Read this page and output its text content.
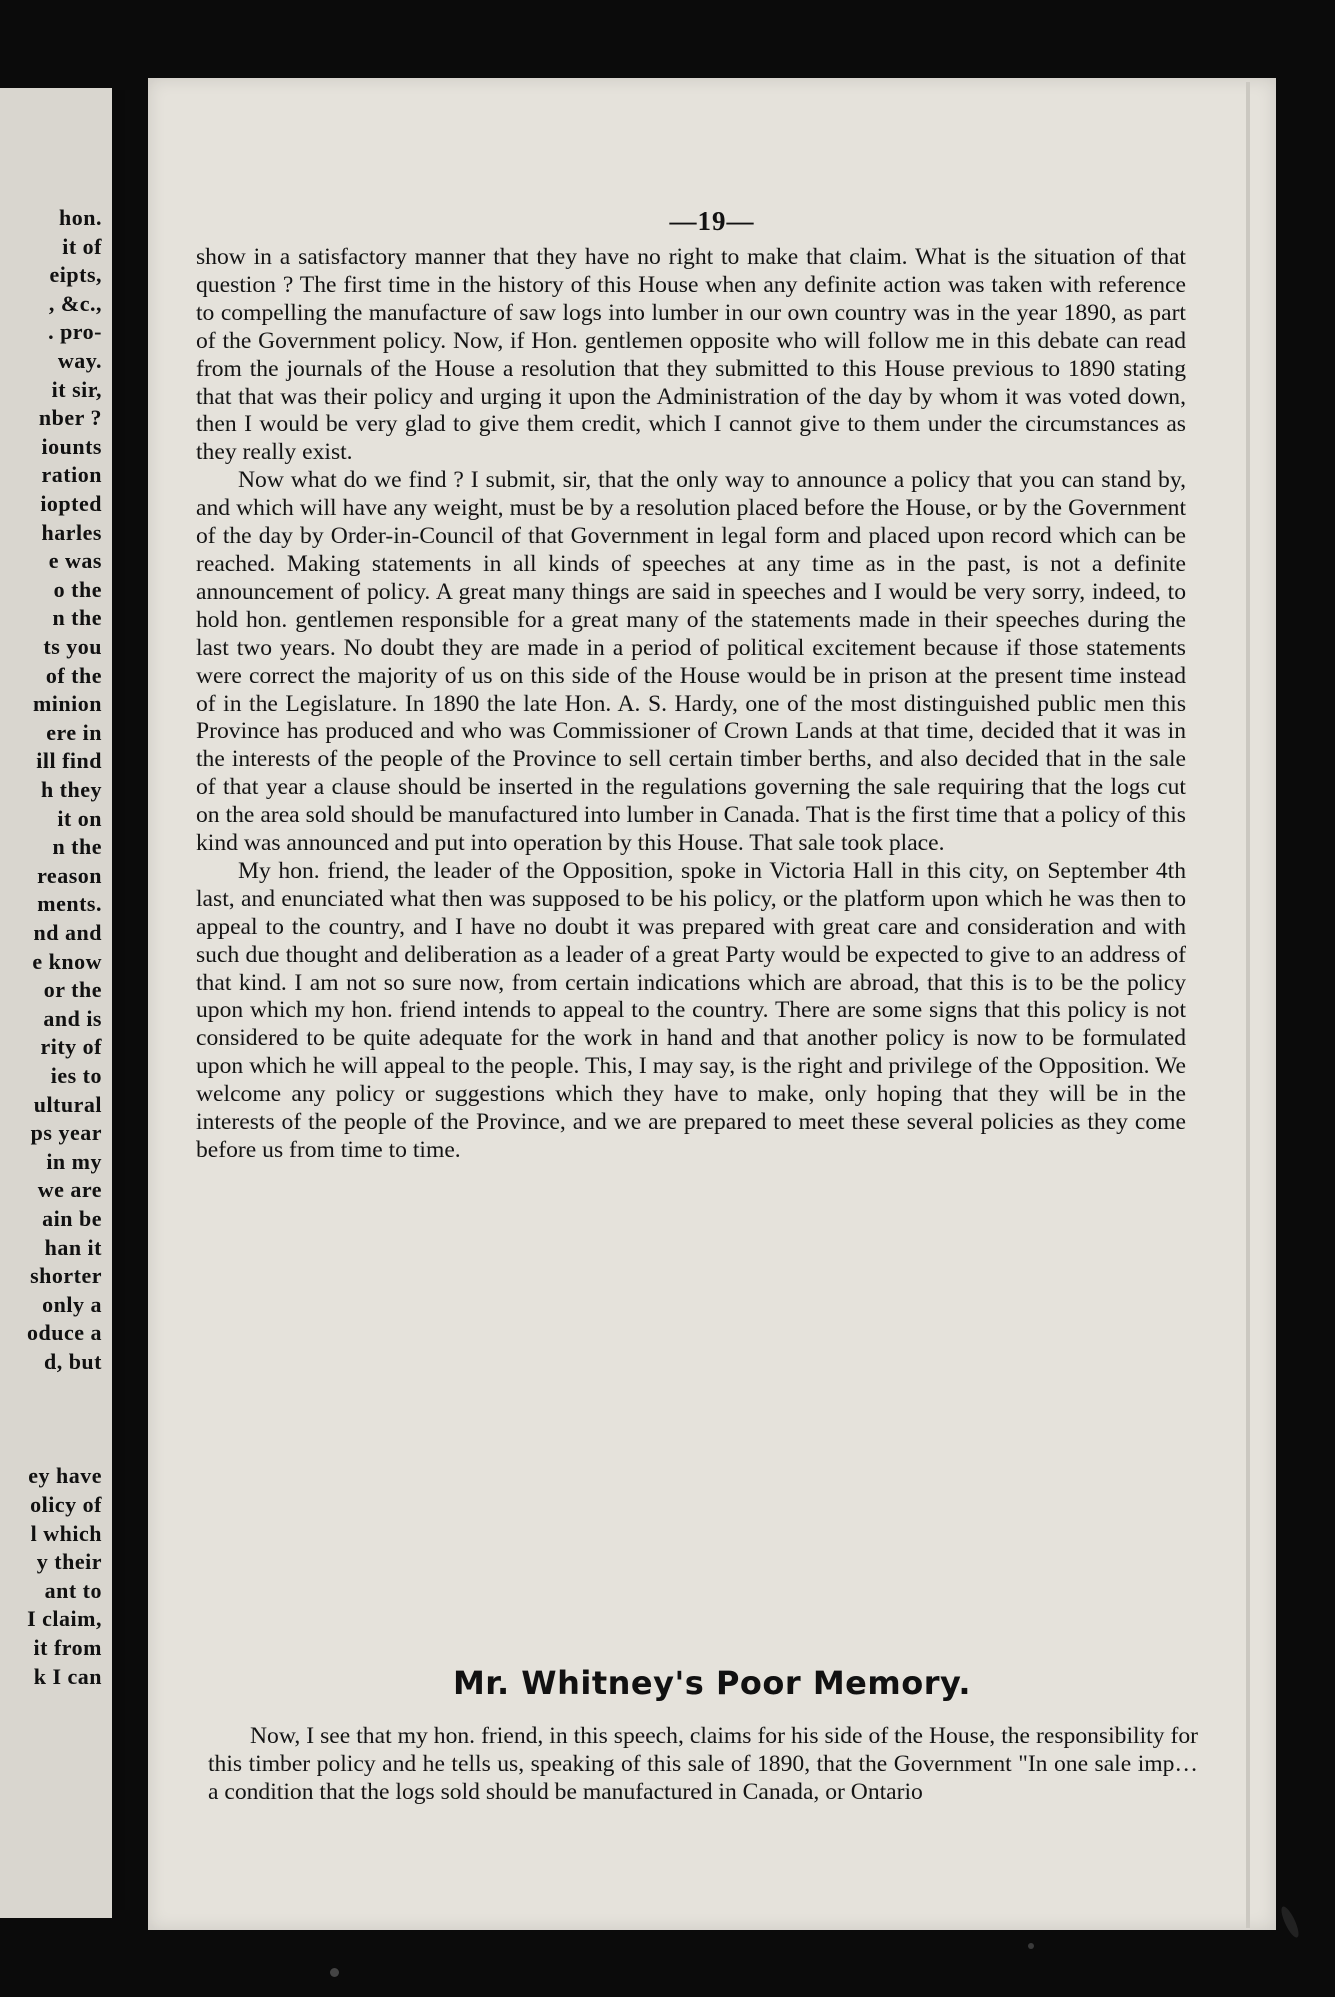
hon.
it of
eipts,
, &c.,
. pro-
way.
it sir,
nber ?
iounts
ration
iopted
harles
e was
o the
n the
ts you
of the
minion
ere in
ill find
h they
it on
n the
reason
ments.
nd and
e know
or the
and is
rity of
ies to
ultural
ps year
in my
we are
ain be
han it
shorter
only a
oduce a
d, but
ey have
olicy of
l which
y their
ant to
I claim,
it from
k I can
—19—

show in a satisfactory manner that they have no right to make that claim. What is the situation of that question ? The first time in the history of this House when any definite action was taken with reference to compelling the manufacture of saw logs into lumber in our own country was in the year 1890, as part of the Government policy. Now, if Hon. gentlemen opposite who will follow me in this debate can read from the journals of the House a resolution that they submitted to this House previous to 1890 stating that that was their policy and urging it upon the Administration of the day by whom it was voted down, then I would be very glad to give them credit, which I cannot give to them under the circumstances as they really exist.

Now what do we find ? I submit, sir, that the only way to announce a policy that you can stand by, and which will have any weight, must be by a resolution placed before the House, or by the Government of the day by Order-in-Council of that Government in legal form and placed upon record which can be reached. Making statements in all kinds of speeches at any time as in the past, is not a definite announcement of policy. A great many things are said in speeches and I would be very sorry, indeed, to hold hon. gentlemen responsible for a great many of the statements made in their speeches during the last two years. No doubt they are made in a period of political excitement because if those statements were correct the majority of us on this side of the House would be in prison at the present time instead of in the Legislature. In 1890 the late Hon. A. S. Hardy, one of the most distinguished public men this Province has produced and who was Commissioner of Crown Lands at that time, decided that it was in the interests of the people of the Province to sell certain timber berths, and also decided that in the sale of that year a clause should be inserted in the regulations governing the sale requiring that the logs cut on the area sold should be manufactured into lumber in Canada. That is the first time that a policy of this kind was announced and put into operation by this House. That sale took place.

My hon. friend, the leader of the Opposition, spoke in Victoria Hall in this city, on September 4th last, and enunciated what then was supposed to be his policy, or the platform upon which he was then to appeal to the country, and I have no doubt it was prepared with great care and consideration and with such due thought and deliberation as a leader of a great Party would be expected to give to an address of that kind. I am not so sure now, from certain indications which are abroad, that this is to be the policy upon which my hon. friend intends to appeal to the country. There are some signs that this policy is not considered to be quite adequate for the work in hand and that another policy is now to be formulated upon which he will appeal to the people. This, I may say, is the right and privilege of the Opposition. We welcome any policy or suggestions which they have to make, only hoping that they will be in the interests of the people of the Province, and we are prepared to meet these several policies as they come before us from time to time.

Mr. Whitney's Poor Memory.

Now, I see that my hon. friend, in this speech, claims for his side of the House, the responsibility for this timber policy and he tells us, speaking of this sale of 1890, that the Government "In one sale imp… a condition that the logs sold should be manufactured in Canada, or Ontario
